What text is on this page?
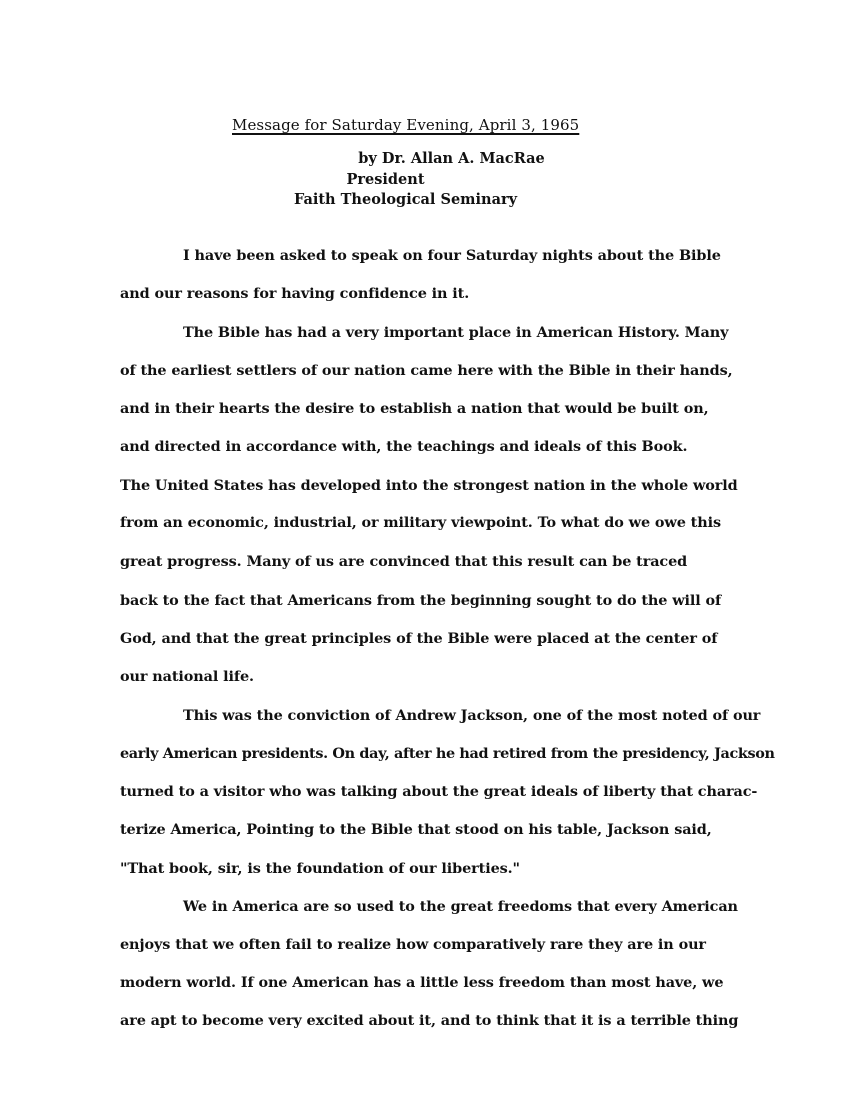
Message for Saturday Evening, April 3, 1965
by Dr. Allan A. MacRae
President
Faith Theological Seminary
I have been asked to speak on four Saturday nights about the Bible
and our reasons for having confidence in it.
The Bible has had a very important place in American History. Many
of the earliest settlers of our nation came here with the Bible in their hands,
and in their hearts the desire to establish a nation that would be built on,
and directed in accordance with, the teachings and ideals of this Book.
The United States has developed into the strongest nation in the whole world
from an economic, industrial, or military viewpoint. To what do we owe this
great progress. Many of us are convinced that this result can be traced
back to the fact that Americans from the beginning sought to do the will of
God, and that the great principles of the Bible were placed at the center of
our national life.
This was the conviction of Andrew Jackson, one of the most noted of our
early American presidents. On day, after he had retired from the presidency, Jackson
turned to a visitor who was talking about the great ideals of liberty that charac-
terize America, Pointing to the Bible that stood on his table, Jackson said,
"That book, sir, is the foundation of our liberties."
We in America are so used to the great freedoms that every American
enjoys that we often fail to realize how comparatively rare they are in our
modern world. If one American has a little less freedom than most have, we
are apt to become very excited about it, and to think that it is a terrible thing
